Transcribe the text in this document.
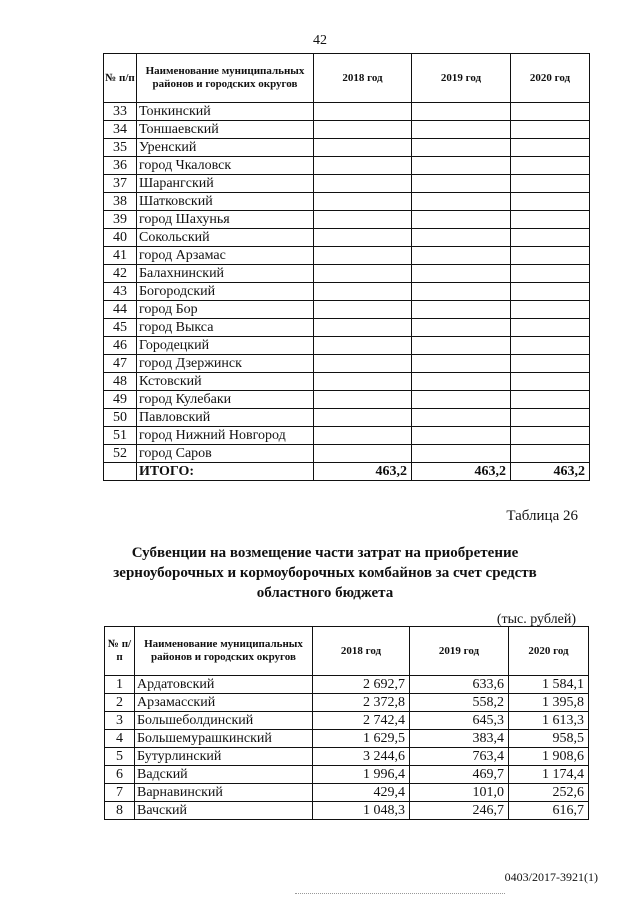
42
№ п/п	Наименование муниципальных районов и городских округов	2018 год	2019 год	2020 год
33	Тонкинский			
34	Тоншаевский			
35	Уренский			
36	город Чкаловск			
37	Шарангский			
38	Шатковский			
39	город Шахунья			
40	Сокольский			
41	город Арзамас			
42	Балахнинский			
43	Богородский			
44	город Бор			
45	город Выкса			
46	Городецкий			
47	город Дзержинск			
48	Кстовский			
49	город Кулебаки			
50	Павловский			
51	город Нижний Новгород			
52	город Саров			
	ИТОГО:	463,2	463,2	463,2
Таблица 26
Субвенции на возмещение части затрат на приобретение зерноуборочных и кормоуборочных комбайнов за счет средств областного бюджета
(тыс. рублей)
№ п/п	Наименование муниципальных районов и городских округов	2018 год	2019 год	2020 год
1	Ардатовский	2 692,7	633,6	1 584,1
2	Арзамасский	2 372,8	558,2	1 395,8
3	Большеболдинский	2 742,4	645,3	1 613,3
4	Большемурашкинский	1 629,5	383,4	958,5
5	Бутурлинский	3 244,6	763,4	1 908,6
6	Вадский	1 996,4	469,7	1 174,4
7	Варнавинский	429,4	101,0	252,6
8	Вачский	1 048,3	246,7	616,7
0403/2017-3921(1)
